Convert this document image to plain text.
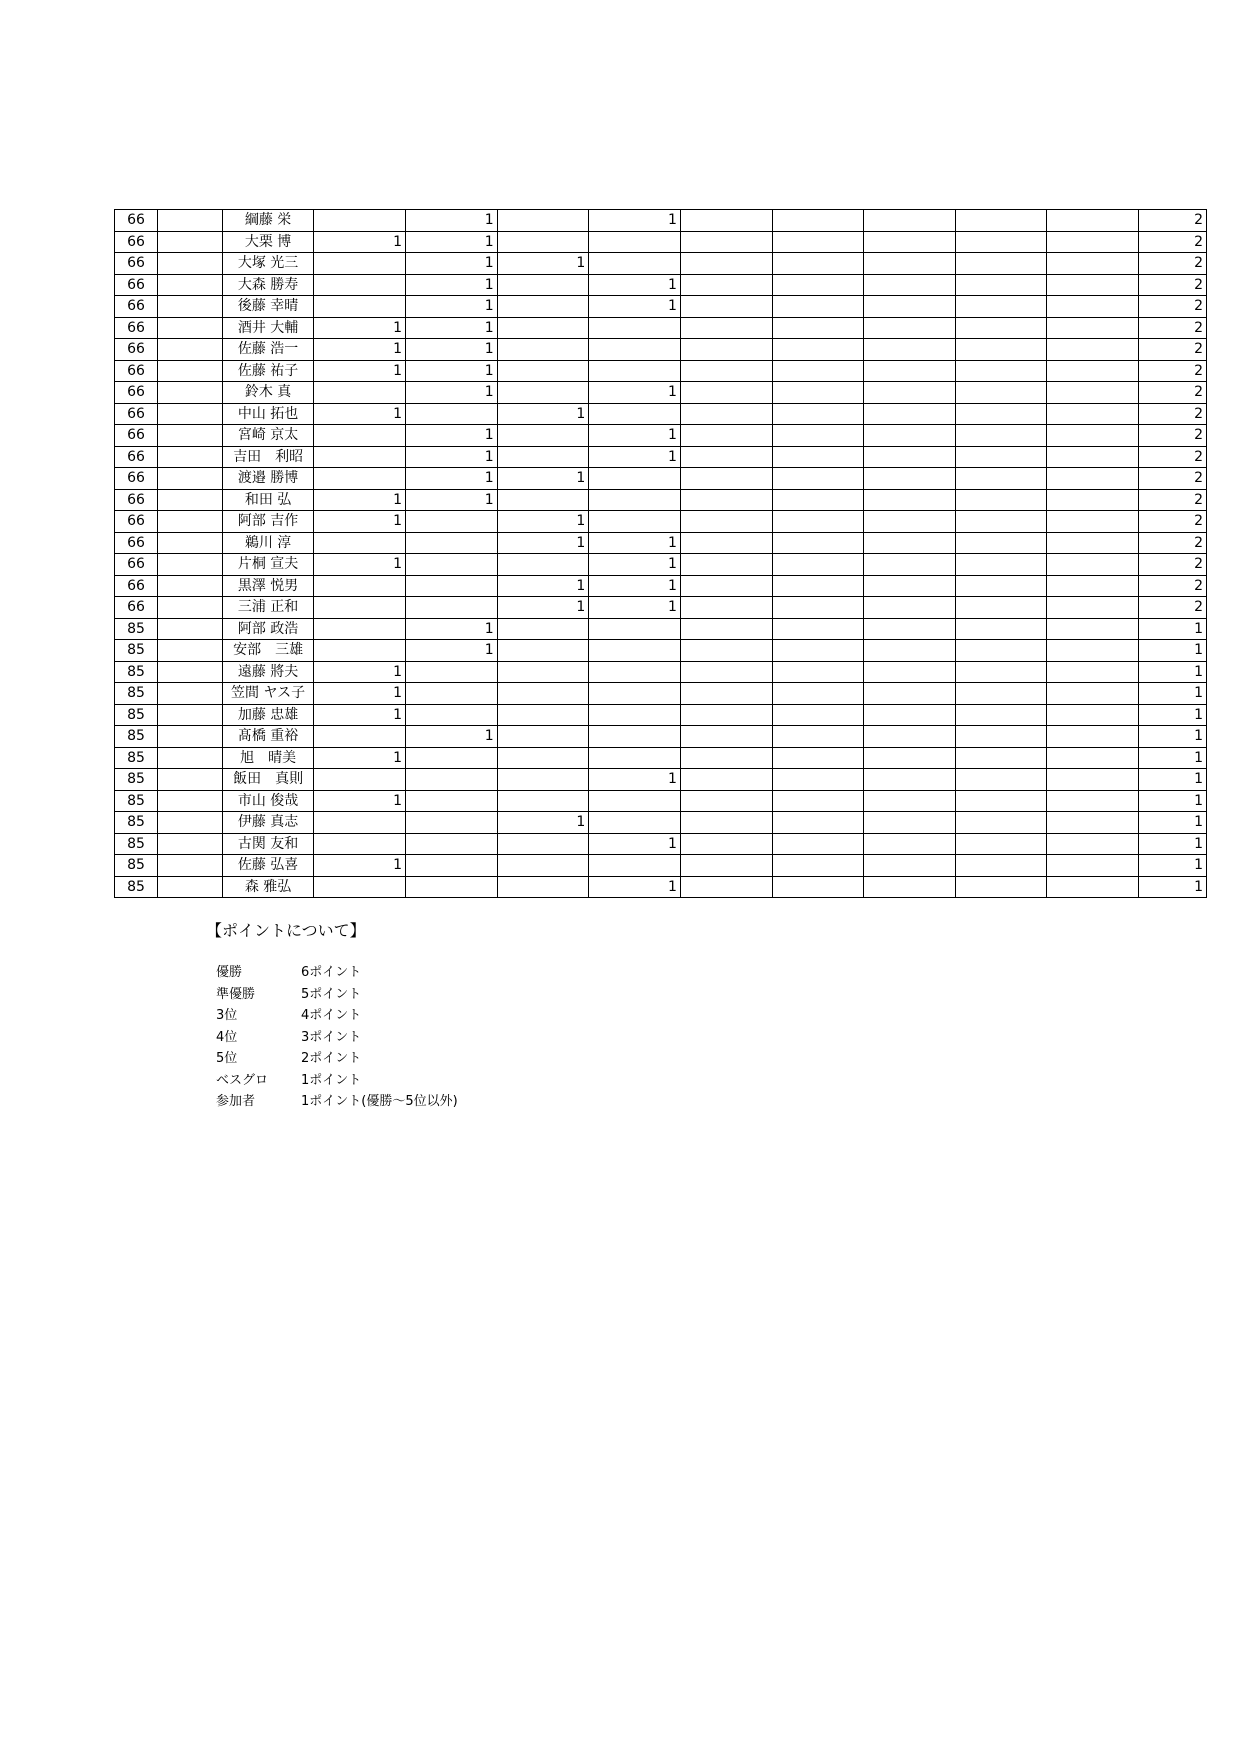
66		綱藤 栄		1		1						2
66		大栗 博	1	1								2
66		大塚 光三		1	1							2
66		大森 勝寿		1		1						2
66		後藤 幸晴		1		1						2
66		酒井 大輔	1	1								2
66		佐藤 浩一	1	1								2
66		佐藤 祐子	1	1								2
66		鈴木 真		1		1						2
66		中山 拓也	1		1							2
66		宮崎 京太		1		1						2
66		吉田　利昭		1		1						2
66		渡邉 勝博		1	1							2
66		和田 弘	1	1								2
66		阿部 吉作	1		1							2
66		鵜川 淳			1	1						2
66		片桐 宣夫	1			1						2
66		黒澤 悦男			1	1						2
66		三浦 正和			1	1						2
85		阿部 政浩		1								1
85		安部　三雄		1								1
85		遠藤 將夫	1									1
85		笠間 ヤス子	1									1
85		加藤 忠雄	1									1
85		髙橋 重裕		1								1
85		旭　晴美	1									1
85		飯田　真則				1						1
85		市山 俊哉	1									1
85		伊藤 真志			1							1
85		古関 友和				1						1
85		佐藤 弘喜	1									1
85		森 雅弘				1						1
【ポイントについて】
優勝	6ポイント
準優勝	5ポイント
3位	4ポイント
4位	3ポイント
5位	2ポイント
ベスグロ	1ポイント
参加者	1ポイント(優勝～5位以外)
